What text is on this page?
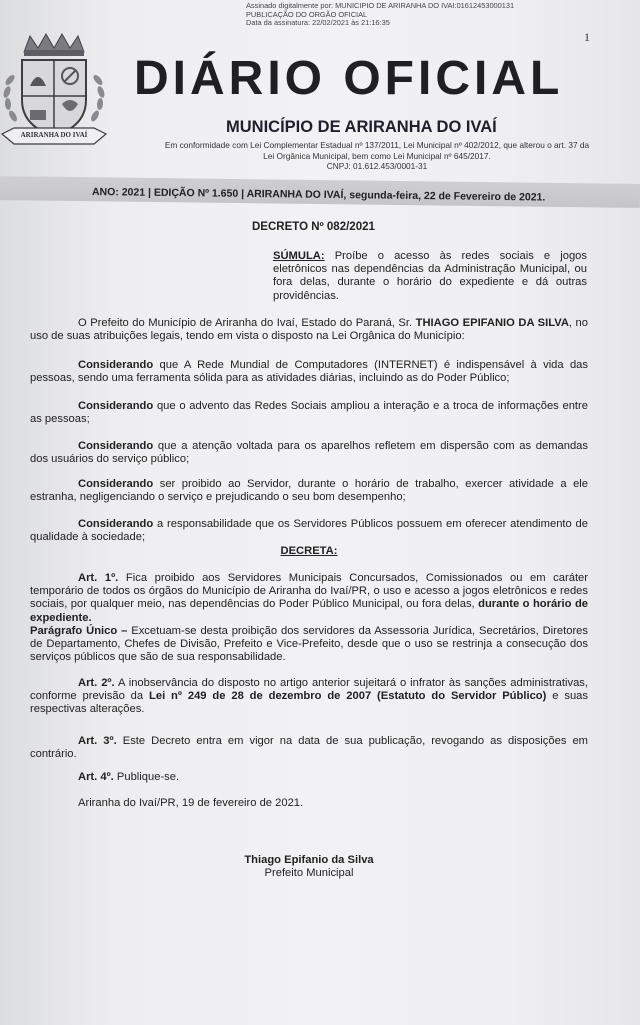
Assinado digitalmente por: MUNICIPIO DE ARIRANHA DO IVAI:01612453000131
PUBLICAÇÃO DO ORGÃO OFICIAL
Data da assinatura: 22/02/2021 às 21:16:35
1
ARIRANHA DO IVAÍ
DIÁRIO OFICIAL
MUNICÍPIO DE ARIRANHA DO IVAÍ
Em conformidade com Lei Complementar Estadual nº 137/2011, Lei Municipal nº 402/2012, que alterou o art. 37 da
Lei Orgânica Municipal, bem como Lei Municipal nº 645/2017.
CNPJ: 01.612.453/0001-31
ANO: 2021 | EDIÇÃO Nº 1.650 | ARIRANHA DO IVAÍ, segunda-feira, 22 de Fevereiro de 2021.
DECRETO Nº 082/2021
SÚMULA: Proíbe o acesso às redes sociais e jogos eletrônicos nas dependências da Administração Municipal, ou fora delas, durante o horário do expediente e dá outras providências.

O Prefeito do Município de Ariranha do Ivaí, Estado do Paraná, Sr. THIAGO EPIFANIO DA SILVA, no uso de suas atribuições legais, tendo em vista o disposto na Lei Orgânica do Município:

Considerando que A Rede Mundial de Computadores (INTERNET) é indispensável à vida das pessoas, sendo uma ferramenta sólida para as atividades diárias, incluindo as do Poder Público;

Considerando que o advento das Redes Sociais ampliou a interação e a troca de informações entre as pessoas;

Considerando que a atenção voltada para os aparelhos refletem em dispersão com as demandas dos usuários do serviço público;

Considerando ser proibido ao Servidor, durante o horário de trabalho, exercer atividade a ele estranha, negligenciando o serviço e prejudicando o seu bom desempenho;

Considerando a responsabilidade que os Servidores Públicos possuem em oferecer atendimento de qualidade à sociedade;

DECRETA:

Art. 1º. Fica proibido aos Servidores Municipais Concursados, Comissionados ou em caráter temporário de todos os órgãos do Município de Ariranha do Ivaí/PR, o uso e acesso a jogos eletrônicos e redes sociais, por qualquer meio, nas dependências do Poder Público Municipal, ou fora delas, durante o horário de expediente.

Parágrafo Único – Excetuam-se desta proibição dos servidores da Assessoria Jurídica, Secretários, Diretores de Departamento, Chefes de Divisão, Prefeito e Vice-Prefeito, desde que o uso se restrinja a consecução dos serviços públicos que são de sua responsabilidade.

Art. 2º. A inobservância do disposto no artigo anterior sujeitará o infrator às sanções administrativas, conforme previsão da Lei nº 249 de 28 de dezembro de 2007 (Estatuto do Servidor Público) e suas respectivas alterações.

Art. 3º. Este Decreto entra em vigor na data de sua publicação, revogando as disposições em contrário.

Art. 4º. Publique-se.

Ariranha do Ivaí/PR, 19 de fevereiro de 2021.

Thiago Epifanio da Silva
Prefeito Municipal
